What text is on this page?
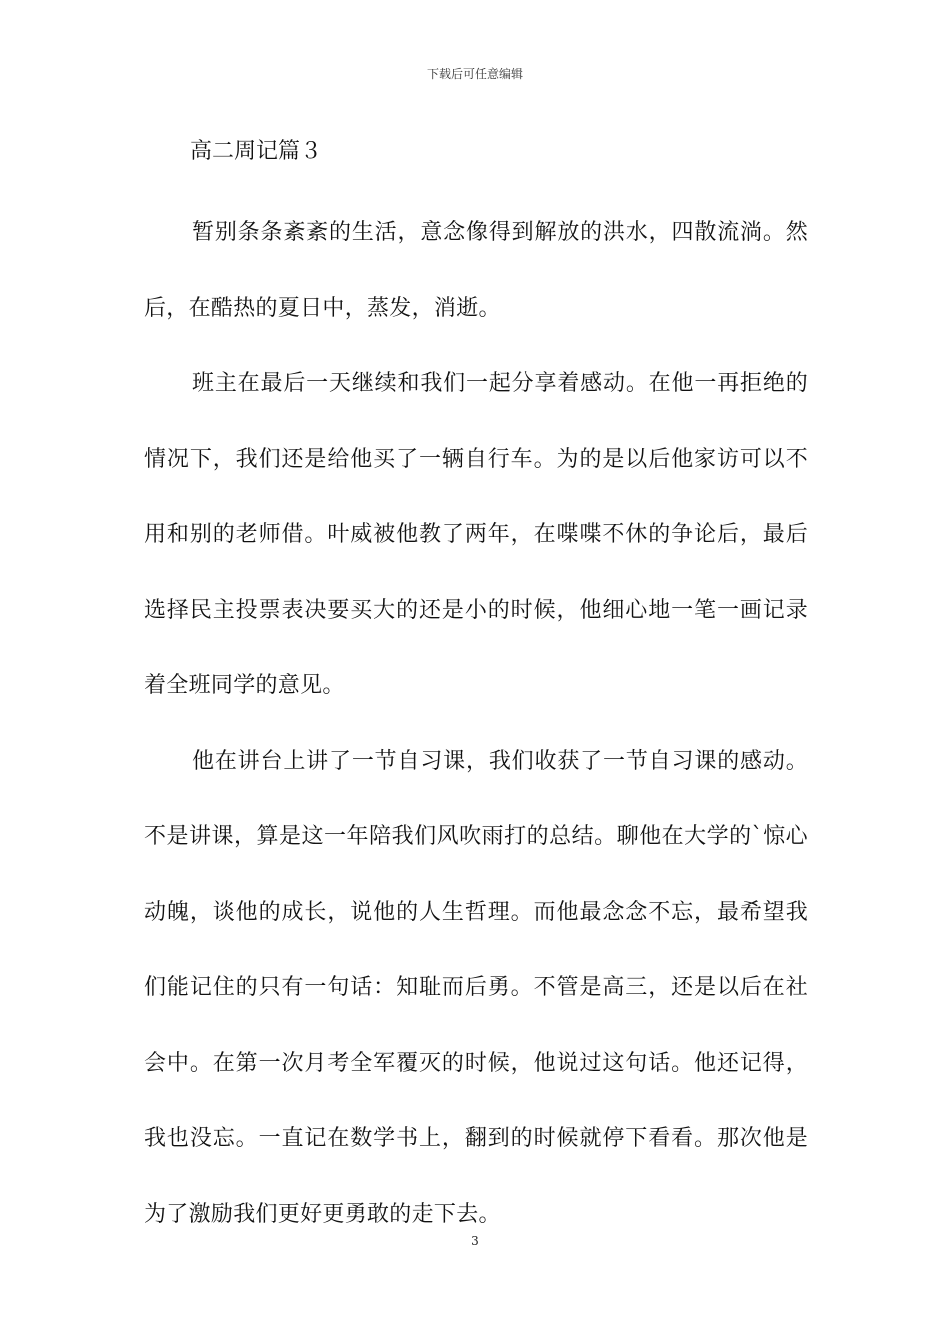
下载后可任意编辑
高二周记篇３

暂别条条紊紊的生活，意念像得到解放的洪水，四散流淌。然后，在酷热的夏日中，蒸发，消逝。

班主在最后一天继续和我们一起分享着感动。在他一再拒绝的情况下，我们还是给他买了一辆自行车。为的是以后他家访可以不用和别的老师借。叶威被他教了两年，在喋喋不休的争论后，最后选择民主投票表决要买大的还是小的时候，他细心地一笔一画记录着全班同学的意见。

他在讲台上讲了一节自习课，我们收获了一节自习课的感动。不是讲课，算是这一年陪我们风吹雨打的总结。聊他在大学的`惊心动魄，谈他的成长，说他的人生哲理。而他最念念不忘，最希望我们能记住的只有一句话：知耻而后勇。不管是高三，还是以后在社会中。在第一次月考全军覆灭的时候，他说过这句话。他还记得，我也没忘。一直记在数学书上，翻到的时候就停下看看。那次他是为了激励我们更好更勇敢的走下去。

3
